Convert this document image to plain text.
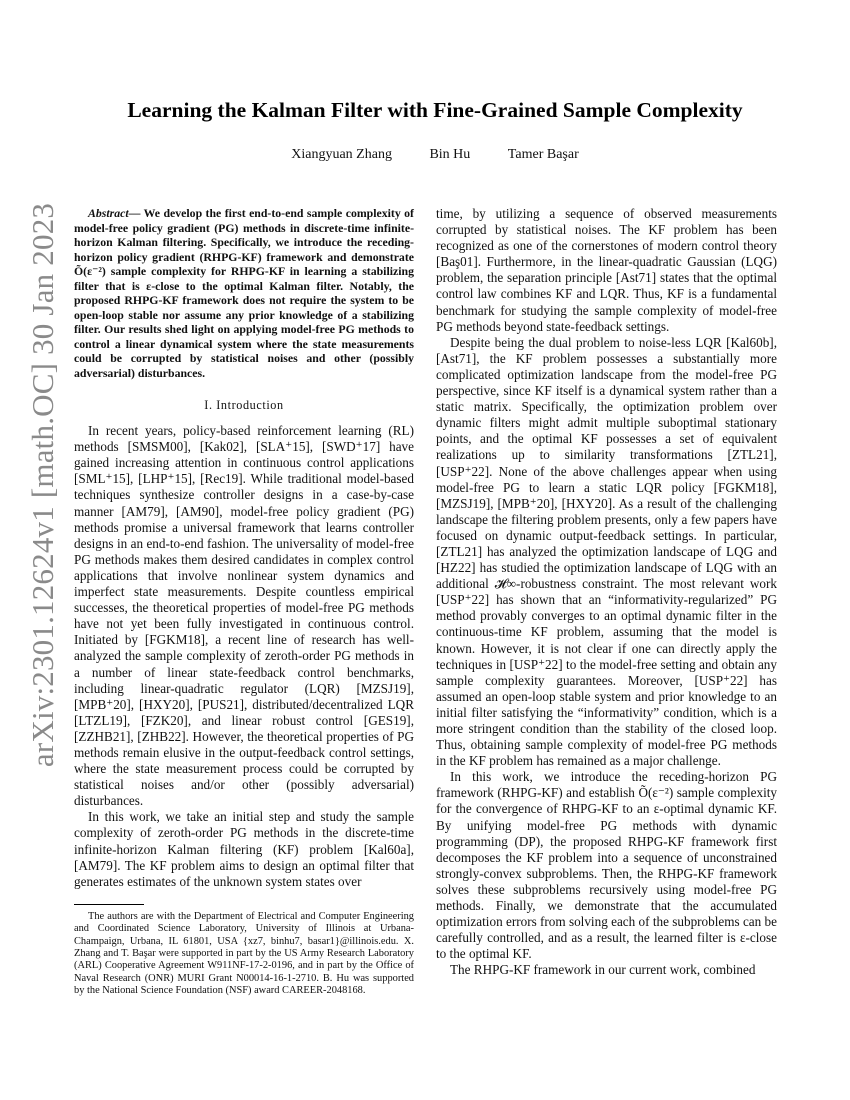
arXiv:2301.12624v1 [math.OC] 30 Jan 2023
Learning the Kalman Filter with Fine-Grained Sample Complexity
Xiangyuan Zhang	Bin Hu	Tamer Başar

Abstract— We develop the first end-to-end sample complexity of model-free policy gradient (PG) methods in discrete-time infinite-horizon Kalman filtering. Specifically, we introduce the receding-horizon policy gradient (RHPG-KF) framework and demonstrate Õ(ε⁻²) sample complexity for RHPG-KF in learning a stabilizing filter that is ε-close to the optimal Kalman filter. Notably, the proposed RHPG-KF framework does not require the system to be open-loop stable nor assume any prior knowledge of a stabilizing filter. Our results shed light on applying model-free PG methods to control a linear dynamical system where the state measurements could be corrupted by statistical noises and other (possibly adversarial) disturbances.

I. Introduction

In recent years, policy-based reinforcement learning (RL) methods [SMSM00], [Kak02], [SLA⁺15], [SWD⁺17] have gained increasing attention in continuous control applications [SML⁺15], [LHP⁺15], [Rec19]. While traditional model-based techniques synthesize controller designs in a case-by-case manner [AM79], [AM90], model-free policy gradient (PG) methods promise a universal framework that learns controller designs in an end-to-end fashion. The universality of model-free PG methods makes them desired candidates in complex control applications that involve nonlinear system dynamics and imperfect state measurements. Despite countless empirical successes, the theoretical properties of model-free PG methods have not yet been fully investigated in continuous control. Initiated by [FGKM18], a recent line of research has well-analyzed the sample complexity of zeroth-order PG methods in a number of linear state-feedback control benchmarks, including linear-quadratic regulator (LQR) [MZSJ19], [MPB⁺20], [HXY20], [PUS21], distributed/decentralized LQR [LTZL19], [FZK20], and linear robust control [GES19], [ZZHB21], [ZHB22]. However, the theoretical properties of PG methods remain elusive in the output-feedback control settings, where the state measurement process could be corrupted by statistical noises and/or other (possibly adversarial) disturbances.

In this work, we take an initial step and study the sample complexity of zeroth-order PG methods in the discrete-time infinite-horizon Kalman filtering (KF) problem [Kal60a], [AM79]. The KF problem aims to design an optimal filter that generates estimates of the unknown system states over

The authors are with the Department of Electrical and Computer Engineering and Coordinated Science Laboratory, University of Illinois at Urbana-Champaign, Urbana, IL 61801, USA {xz7, binhu7, basar1}@illinois.edu. X. Zhang and T. Başar were supported in part by the US Army Research Laboratory (ARL) Cooperative Agreement W911NF-17-2-0196, and in part by the Office of Naval Research (ONR) MURI Grant N00014-16-1-2710. B. Hu was supported by the National Science Foundation (NSF) award CAREER-2048168.

time, by utilizing a sequence of observed measurements corrupted by statistical noises. The KF problem has been recognized as one of the cornerstones of modern control theory [Baş01]. Furthermore, in the linear-quadratic Gaussian (LQG) problem, the separation principle [Ast71] states that the optimal control law combines KF and LQR. Thus, KF is a fundamental benchmark for studying the sample complexity of model-free PG methods beyond state-feedback settings.

Despite being the dual problem to noise-less LQR [Kal60b], [Ast71], the KF problem possesses a substantially more complicated optimization landscape from the model-free PG perspective, since KF itself is a dynamical system rather than a static matrix. Specifically, the optimization problem over dynamic filters might admit multiple suboptimal stationary points, and the optimal KF possesses a set of equivalent realizations up to similarity transformations [ZTL21], [USP⁺22]. None of the above challenges appear when using model-free PG to learn a static LQR policy [FGKM18], [MZSJ19], [MPB⁺20], [HXY20]. As a result of the challenging landscape the filtering problem presents, only a few papers have focused on dynamic output-feedback settings. In particular, [ZTL21] has analyzed the optimization landscape of LQG and [HZ22] has studied the optimization landscape of LQG with an additional 𝓗∞-robustness constraint. The most relevant work [USP⁺22] has shown that an “informativity-regularized” PG method provably converges to an optimal dynamic filter in the continuous-time KF problem, assuming that the model is known. However, it is not clear if one can directly apply the techniques in [USP⁺22] to the model-free setting and obtain any sample complexity guarantees. Moreover, [USP⁺22] has assumed an open-loop stable system and prior knowledge to an initial filter satisfying the “informativity” condition, which is a more stringent condition than the stability of the closed loop. Thus, obtaining sample complexity of model-free PG methods in the KF problem has remained as a major challenge.

In this work, we introduce the receding-horizon PG framework (RHPG-KF) and establish Õ(ε⁻²) sample complexity for the convergence of RHPG-KF to an ε-optimal dynamic KF. By unifying model-free PG methods with dynamic programming (DP), the proposed RHPG-KF framework first decomposes the KF problem into a sequence of unconstrained strongly-convex subproblems. Then, the RHPG-KF framework solves these subproblems recursively using model-free PG methods. Finally, we demonstrate that the accumulated optimization errors from solving each of the subproblems can be carefully controlled, and as a result, the learned filter is ε-close to the optimal KF.

The RHPG-KF framework in our current work, combined
